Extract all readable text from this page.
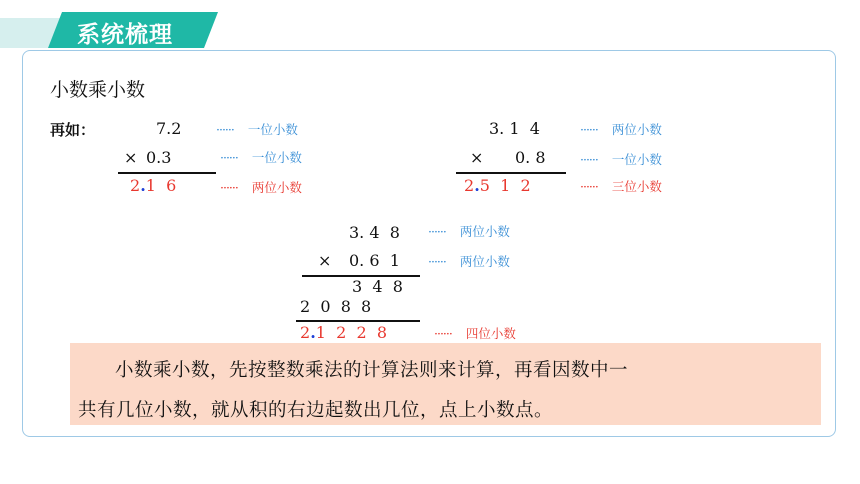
系统梳理
小数乘小数
再如：	7.2
× 0.3
2.1  6
······ 一位小数
······ 一位小数
······ 两位小数
3. 1  4
× 0. 8
2.5  1  2
······ 两位小数
······ 一位小数
······ 三位小数
3. 4  8
× 0. 6  1
3  4  8
2  0  8  8
2.1  2  2  8
······ 两位小数
······ 两位小数
······ 四位小数

小数乘小数，先按整数乘法的计算法则来计算，再看因数中一

共有几位小数，就从积的右边起数出几位，点上小数点。
